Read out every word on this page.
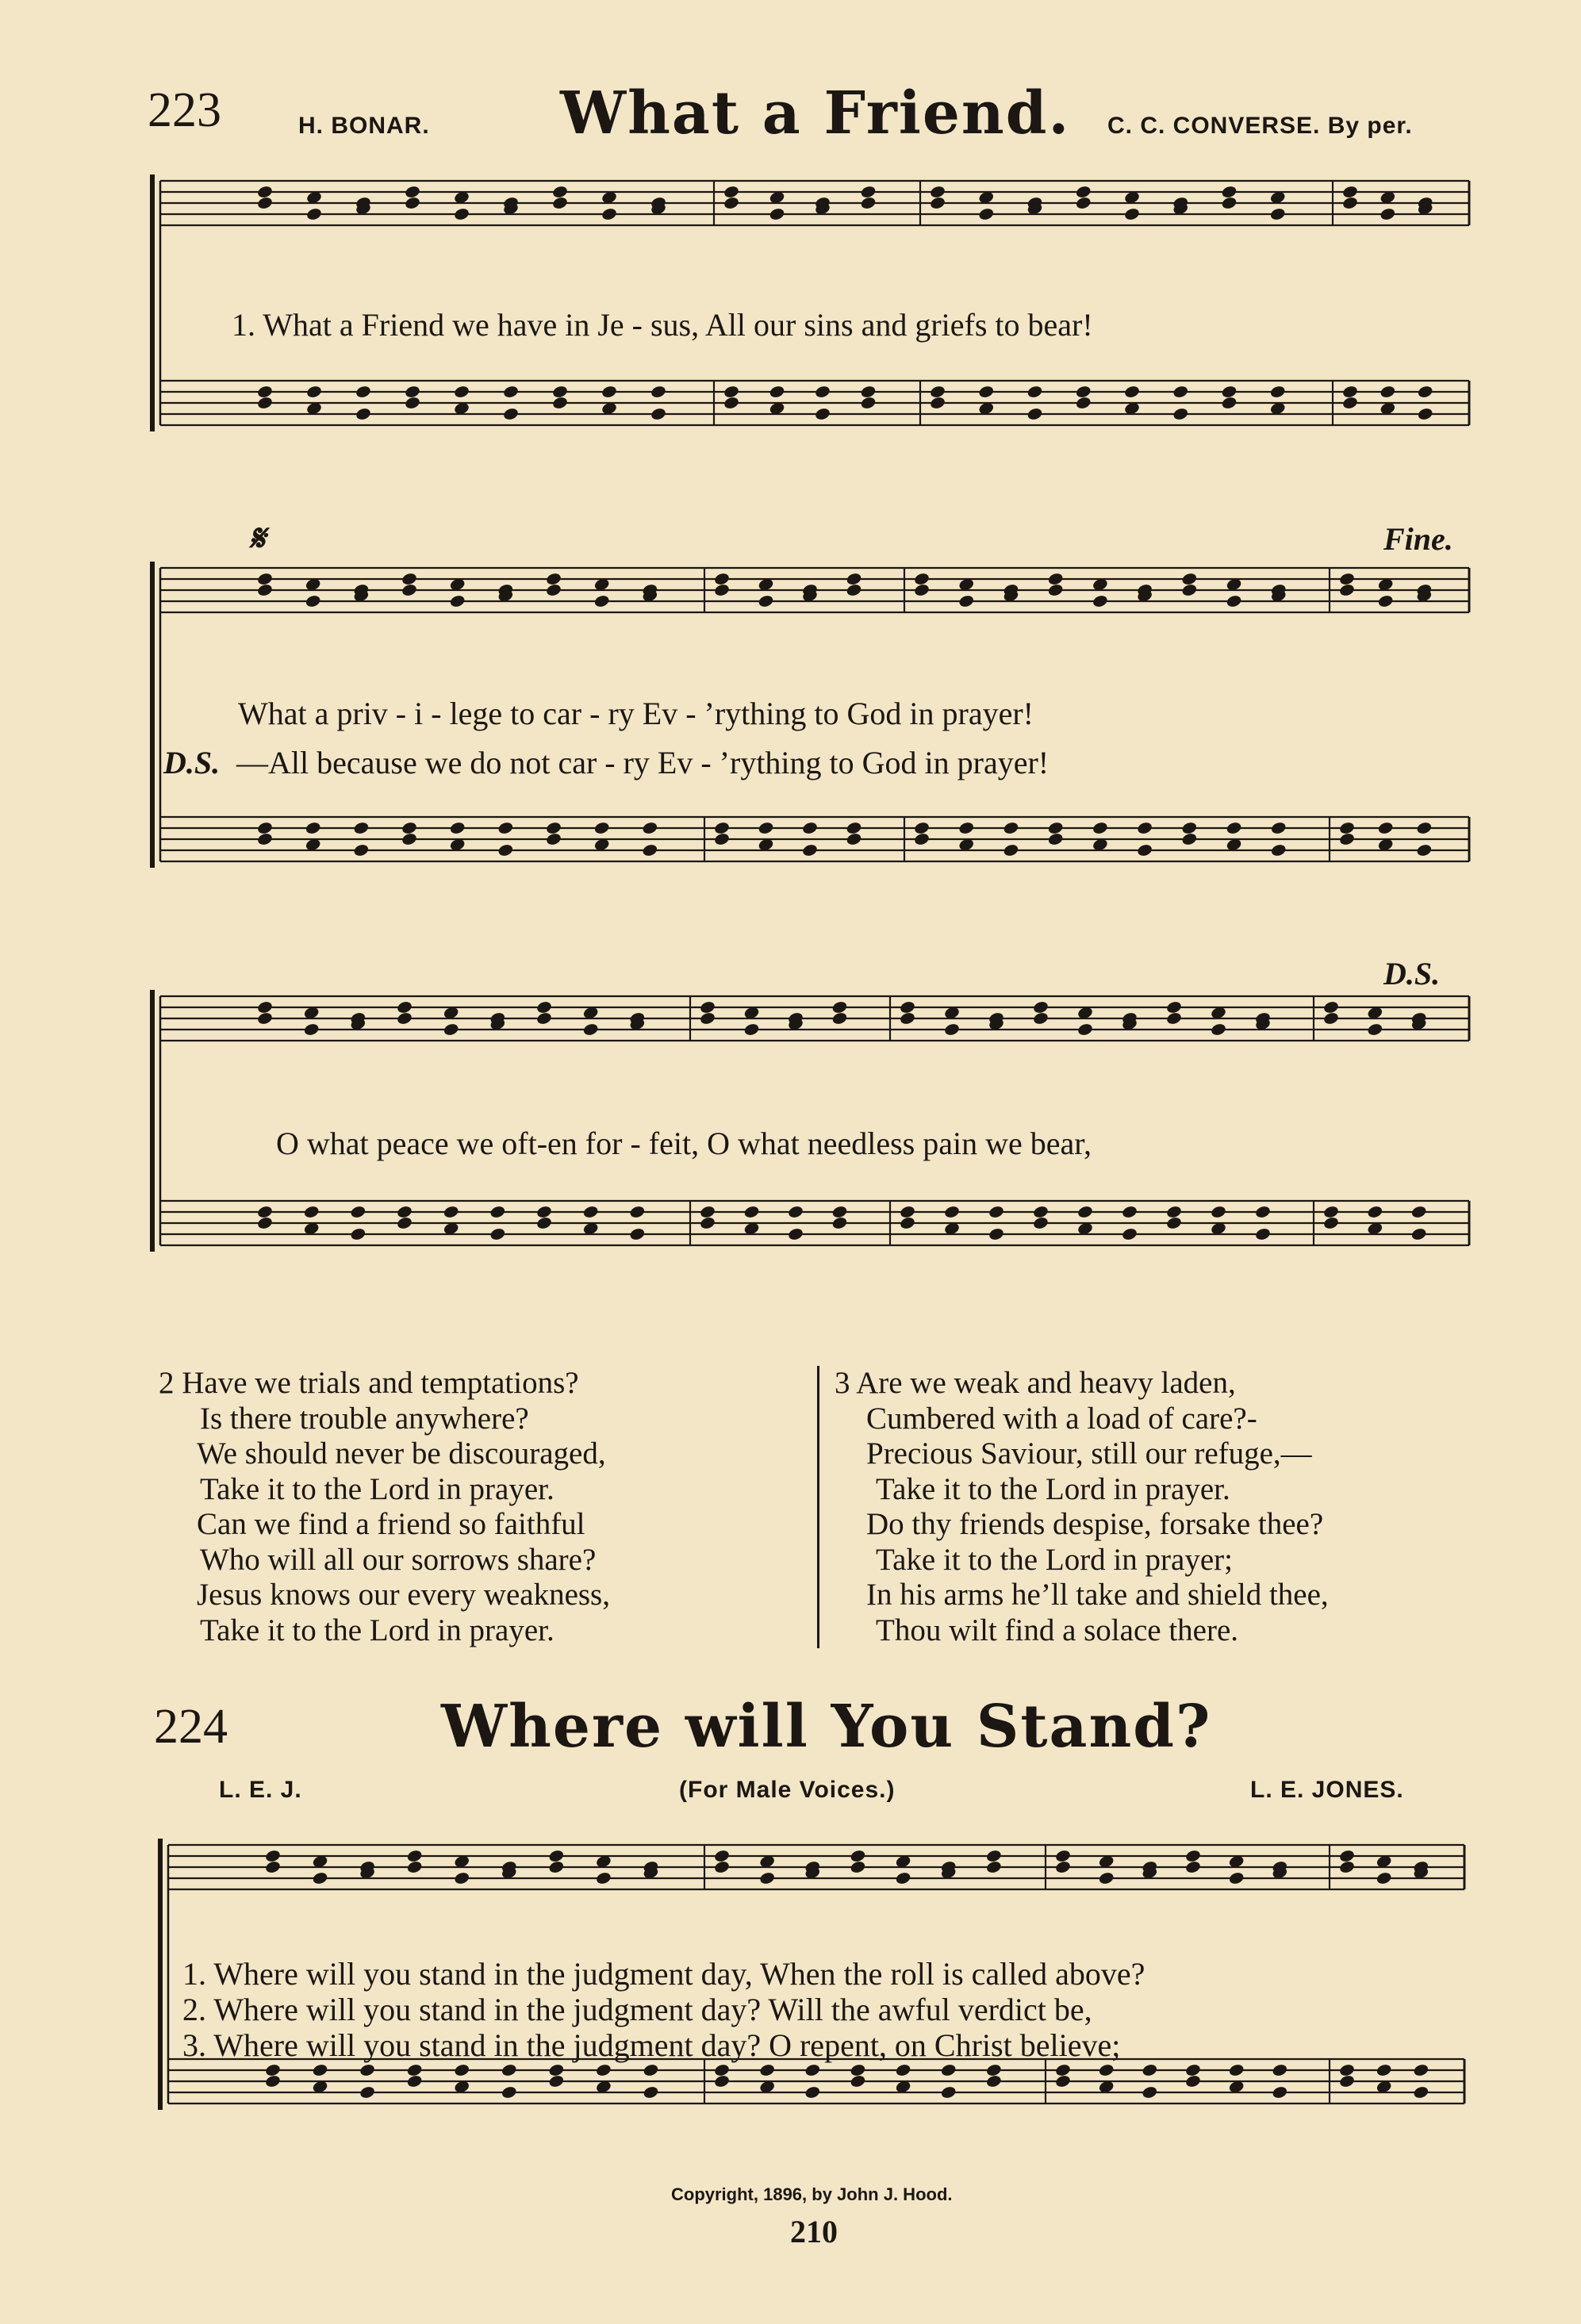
223	H. BONAR. What a Friend. C. C. CONVERSE. By per.
1. What a Friend we have in Je - sus, All our sins and griefs to bear!
𝄋	Fine.
What a priv - i - lege to car - ry Ev - ’rything to God in prayer!
D.S. —All because we do not car - ry Ev - ’rything to God in prayer!
D.S.
O what peace we oft-en for - feit, O what needless pain we bear,
2 Have we trials and temptations?
Is there trouble anywhere?
We should never be discouraged,
Take it to the Lord in prayer.
Can we find a friend so faithful
Who will all our sorrows share?
Jesus knows our every weakness,
Take it to the Lord in prayer.
3 Are we weak and heavy laden,
Cumbered with a load of care?-
Precious Saviour, still our refuge,—
Take it to the Lord in prayer.
Do thy friends despise, forsake thee?
Take it to the Lord in prayer;
In his arms he’ll take and shield thee,
Thou wilt find a solace there.
224	Where will You Stand?
L. E. J.	(For Male Voices.)	L. E. JONES.
1. Where will you stand in the judgment day, When the roll is called above?
2. Where will you stand in the judgment day? Will the awful verdict be,
3. Where will you stand in the judgment day? O repent, on Christ believe;
Copyright, 1896, by John J. Hood.
210
